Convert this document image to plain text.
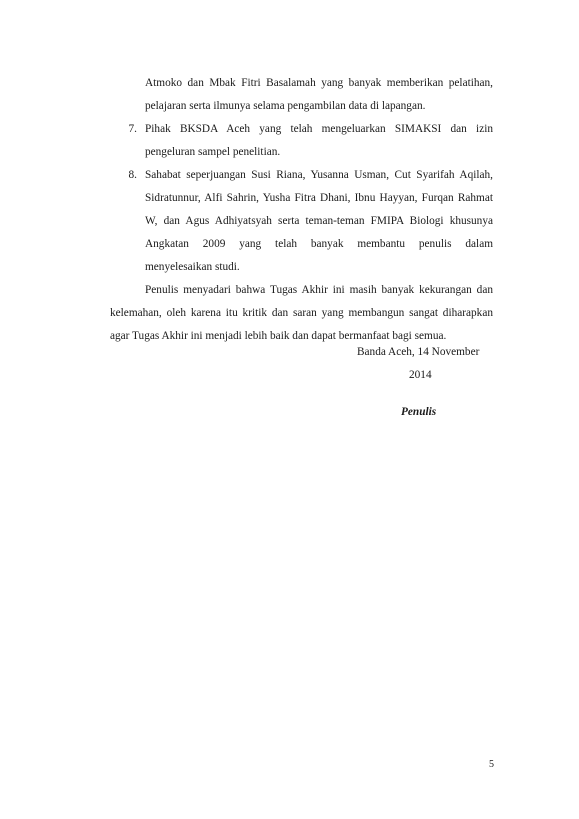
Atmoko dan Mbak Fitri Basalamah yang banyak memberikan pelatihan,
pelajaran serta ilmunya selama pengambilan data di lapangan.
7. Pihak BKSDA Aceh yang telah mengeluarkan SIMAKSI dan izin
pengeluran sampel penelitian.
8. Sahabat seperjuangan Susi Riana, Yusanna Usman, Cut Syarifah Aqilah,
Sidratunnur, Alfi Sahrin, Yusha Fitra Dhani, Ibnu Hayyan, Furqan Rahmat
W, dan Agus Adhiyatsyah serta teman-teman FMIPA Biologi khusunya
Angkatan 2009 yang telah banyak membantu penulis dalam
menyelesaikan studi.
Penulis menyadari bahwa Tugas Akhir ini masih banyak kekurangan dan
kelemahan, oleh karena itu kritik dan saran yang membangun sangat diharapkan
agar Tugas Akhir ini menjadi lebih baik dan dapat bermanfaat bagi semua.
Banda Aceh, 14 November
2014
Penulis
5
